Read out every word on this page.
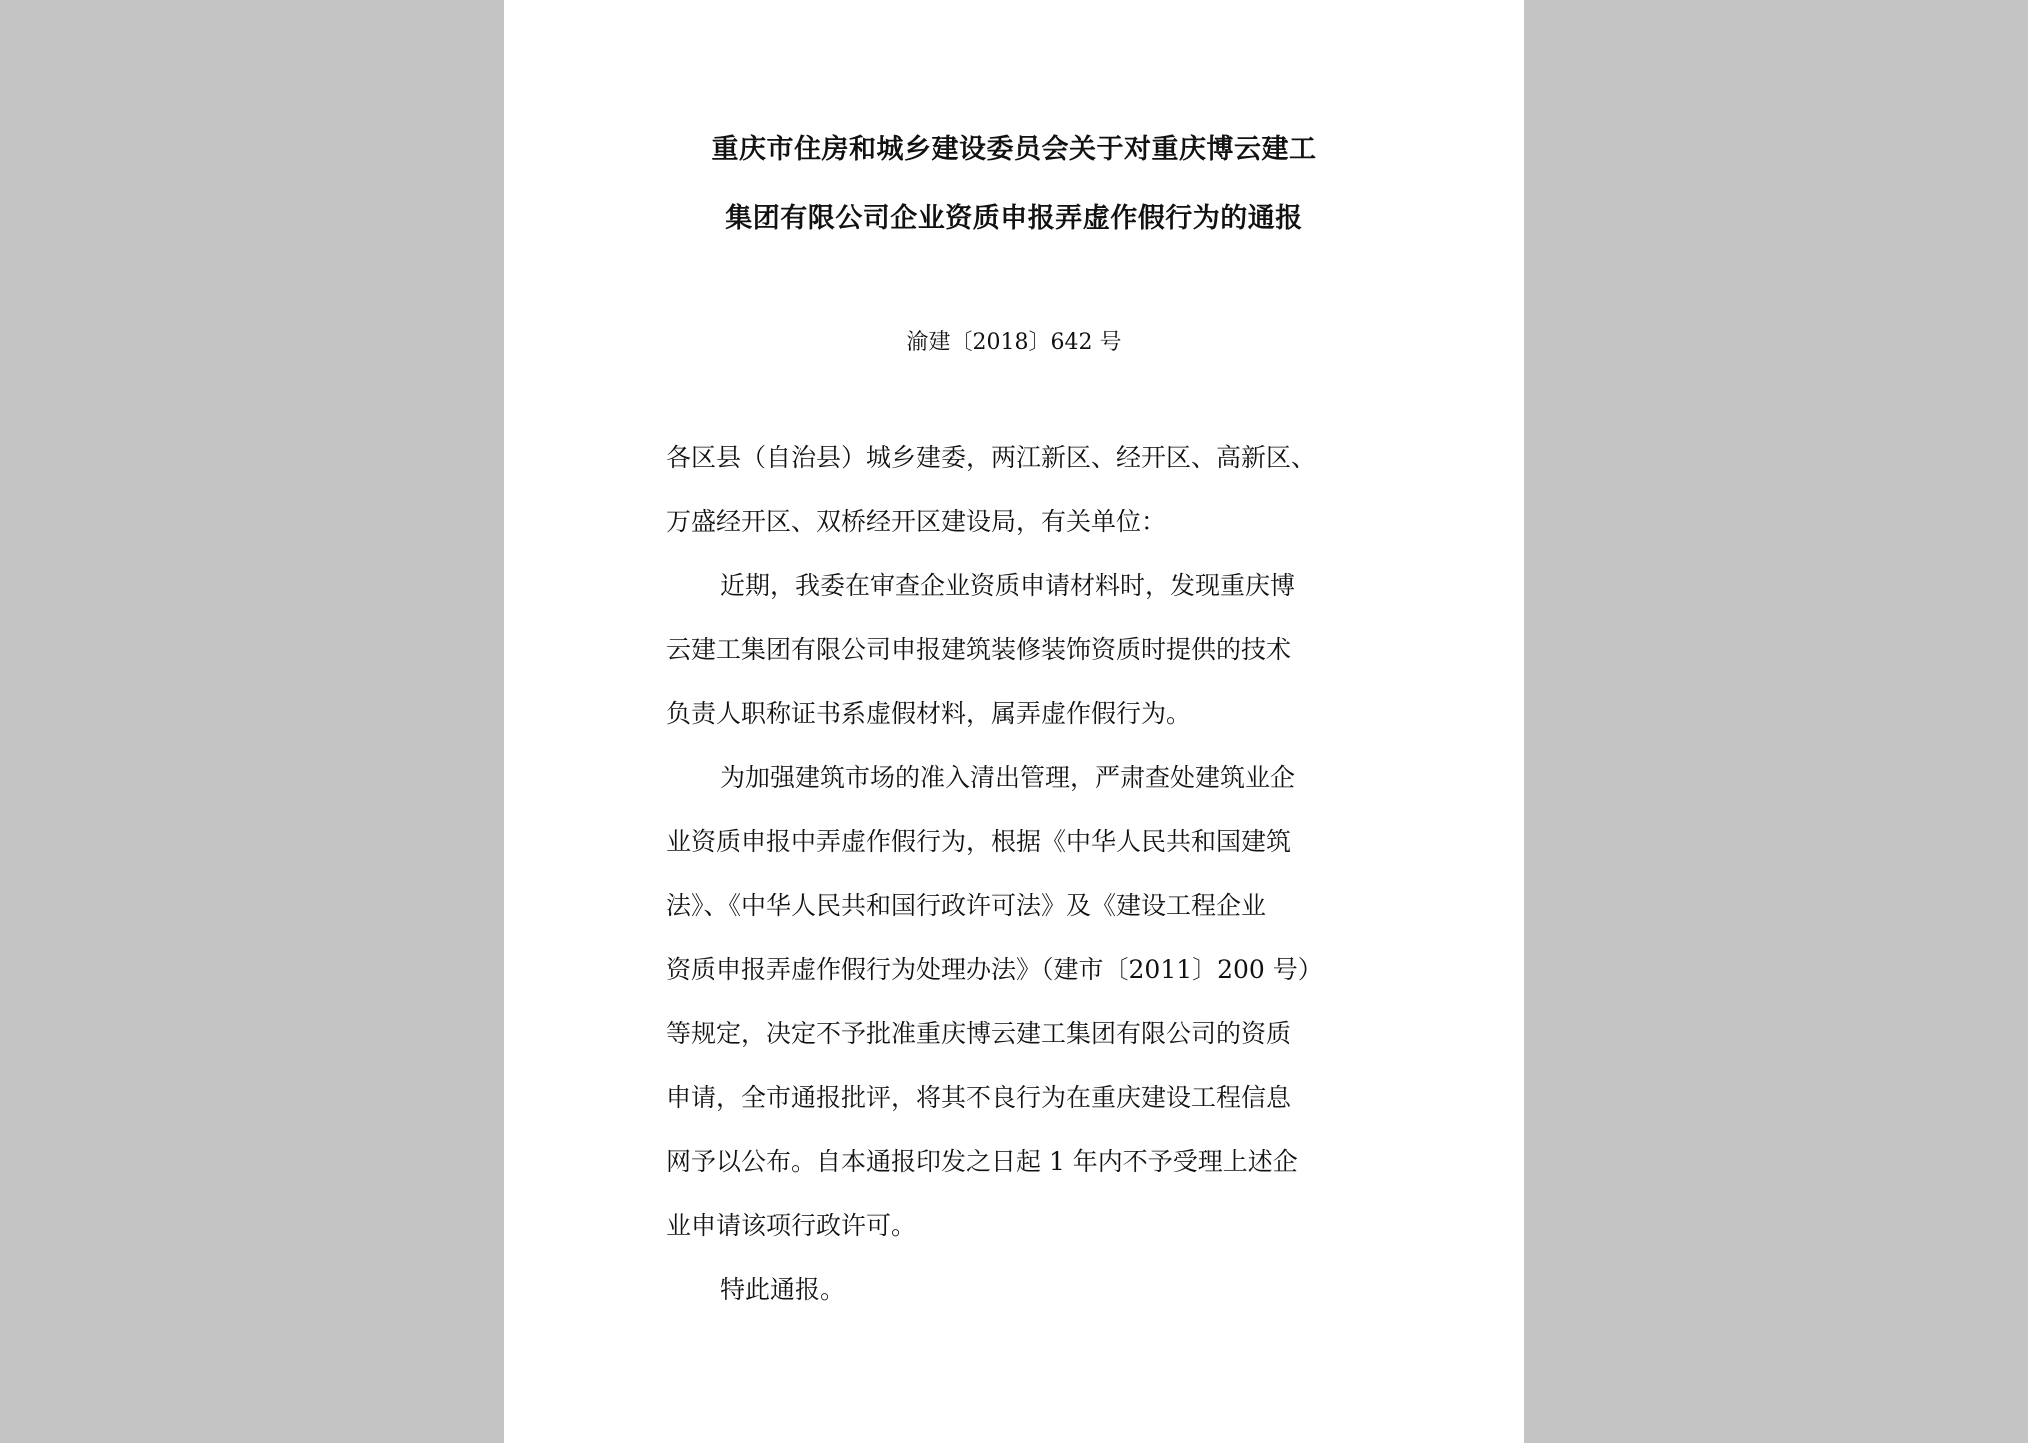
重庆市住房和城乡建设委员会关于对重庆博云建工
集团有限公司企业资质申报弄虚作假行为的通报
渝建〔2018〕642 号
各区县（自治县）城乡建委，两江新区、经开区、高新区、
万盛经开区、双桥经开区建设局，有关单位：
近期，我委在审查企业资质申请材料时，发现重庆博
云建工集团有限公司申报建筑装修装饰资质时提供的技术
负责人职称证书系虚假材料，属弄虚作假行为。
为加强建筑市场的准入清出管理，严肃查处建筑业企
业资质申报中弄虚作假行为，根据《中华人民共和国建筑
法》、《中华人民共和国行政许可法》及《建设工程企业
资质申报弄虚作假行为处理办法》（建市〔2011〕200 号）
等规定，决定不予批准重庆博云建工集团有限公司的资质
申请，全市通报批评，将其不良行为在重庆建设工程信息
网予以公布。自本通报印发之日起 1 年内不予受理上述企
业申请该项行政许可。
特此通报。
